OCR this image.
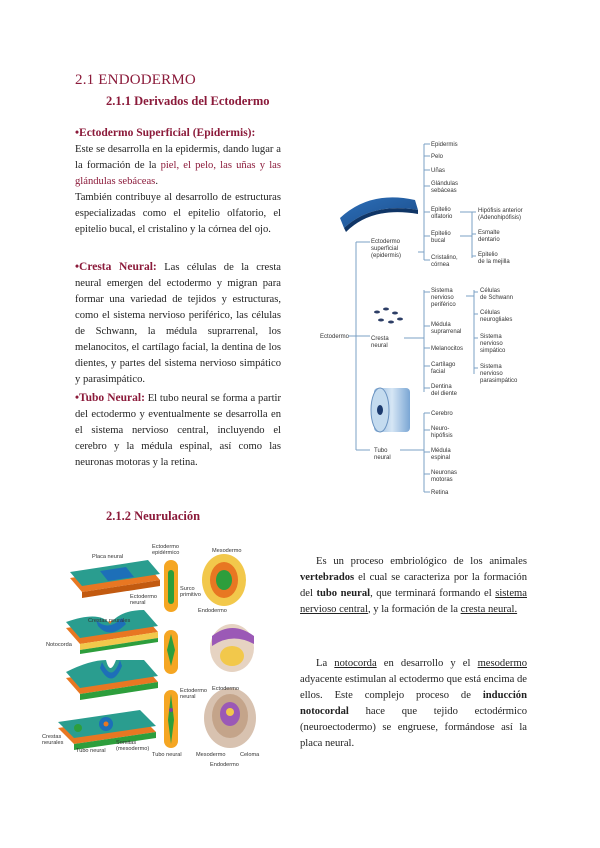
2.1 ENDODERMO
2.1.1 Derivados del Ectodermo

•Ectodermo Superficial (Epidermis):

Este se desarrolla en la epidermis, dando lugar a la formación de la piel, el pelo, las uñas y las glándulas sebáceas.

También contribuye al desarrollo de estructuras especializadas como el epitelio olfatorio, el epitelio bucal, el cristalino y la córnea del ojo.

•Cresta Neural: Las células de la cresta neural emergen del ectodermo y migran para formar una variedad de tejidos y estructuras, como el sistema nervioso periférico, las células de Schwann, la médula suprarrenal, los melanocitos, el cartílago facial, la dentina de los dientes, y partes del sistema nervioso simpático y parasimpático.

•Tubo Neural: El tubo neural se forma a partir del ectodermo y eventualmente se desarrolla en el sistema nervioso central, incluyendo el cerebro y la médula espinal, así como las neuronas motoras y la retina.

Ectodermo
Ectodermo superficial (epidermis)
Epidermis
Pelo
Uñas
Glándulas sebáceas
Epitelio olfatorio
Epitelio bucal
Cristalino, córnea
Hipófisis anterior (Adenohipófisis)
Esmalte dentario
Epitelio de la mejilla
Cresta neural
Sistema nervioso periférico
Médula suprarrenal
Melanocitos
Cartílago facial
Dentina del diente
Células de Schwann
Células neurogliales
Sistema nervioso simpático
Sistema nervioso parasimpático
Tubo neural
Cerebro
Neuro-hipófisis
Médula espinal
Neuronas motoras
Retina
2.1.2 Neurulación
Ectodermo epidérmico	Mesodermo
Placa neural
Surco primitivo
Ectodermo neural
Endodermo
Notocorda
Crestas neurales
Ectodermo neural
Ectodermo
Crestas neurales	Somitas (mesodermo)
Tubo neural
Tubo neural	Mesodermo	Celoma
Endodermo

Es un proceso embriológico de los animales vertebrados el cual se caracteriza por la formación del tubo neural, que terminará formando el sistema nervioso central, y la formación de la cresta neural.

La notocorda en desarrollo y el mesodermo adyacente estimulan al ectodermo que está encima de ellos. Este complejo proceso de inducción notocordal hace que tejido ectodérmico (neuroectodermo) se engruese, formándose así la placa neural.
